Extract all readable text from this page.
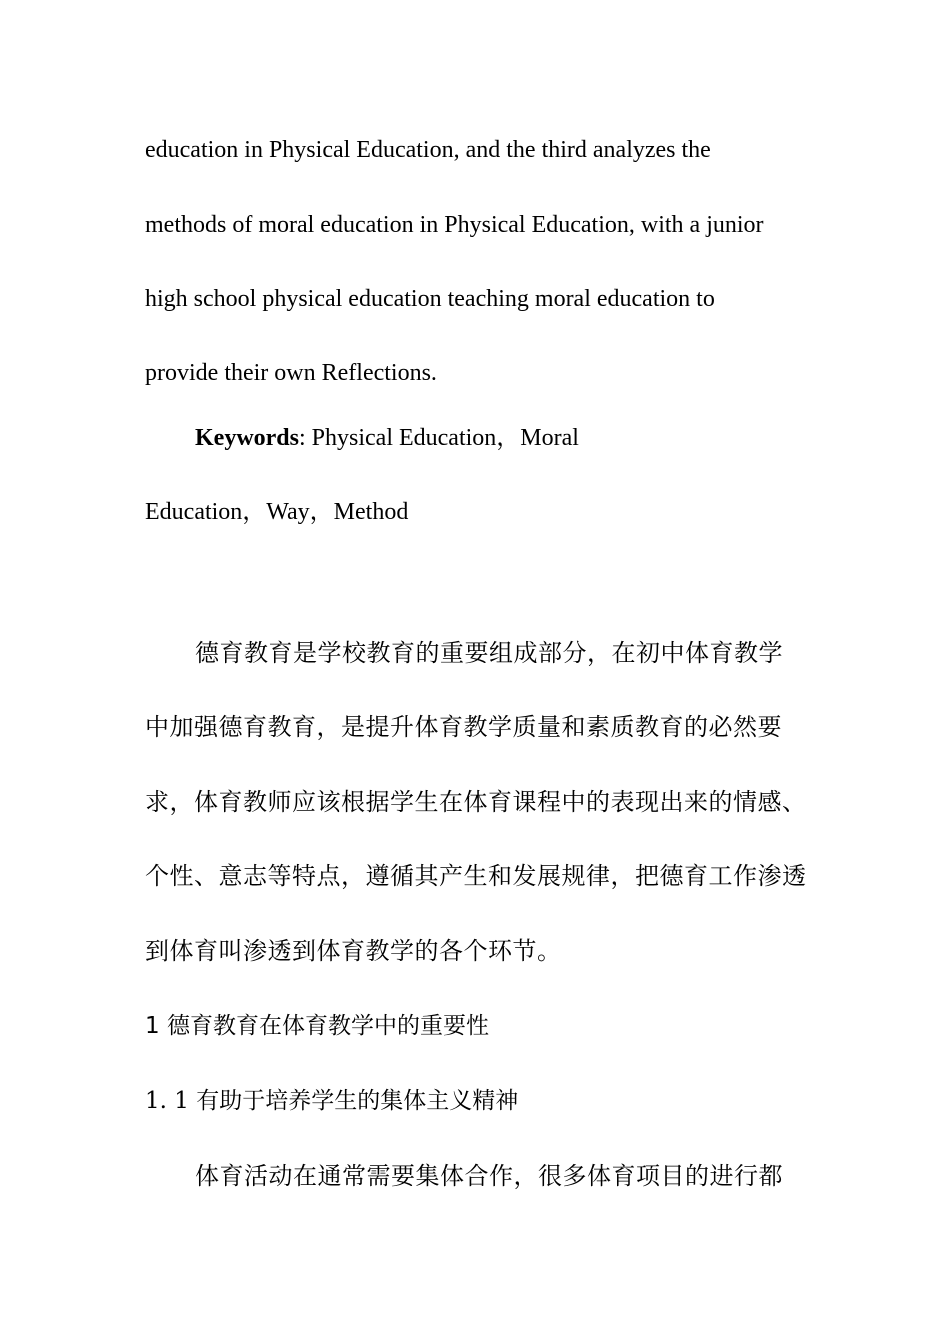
education in Physical Education, and the third analyzes the
methods of moral education in Physical Education, with a junior
high school physical education teaching moral education to
provide their own Reflections.
Keywords: Physical Education，Moral
Education，Way，Method
德育教育是学校教育的重要组成部分，在初中体育教学
中加强德育教育，是提升体育教学质量和素质教育的必然要
求，体育教师应该根据学生在体育课程中的表现出来的情感、
个性、意志等特点，遵循其产生和发展规律，把德育工作渗透
到体育叫渗透到体育教学的各个环节。
1 德育教育在体育教学中的重要性
1. 1 有助于培养学生的集体主义精神
体育活动在通常需要集体合作，很多体育项目的进行都
